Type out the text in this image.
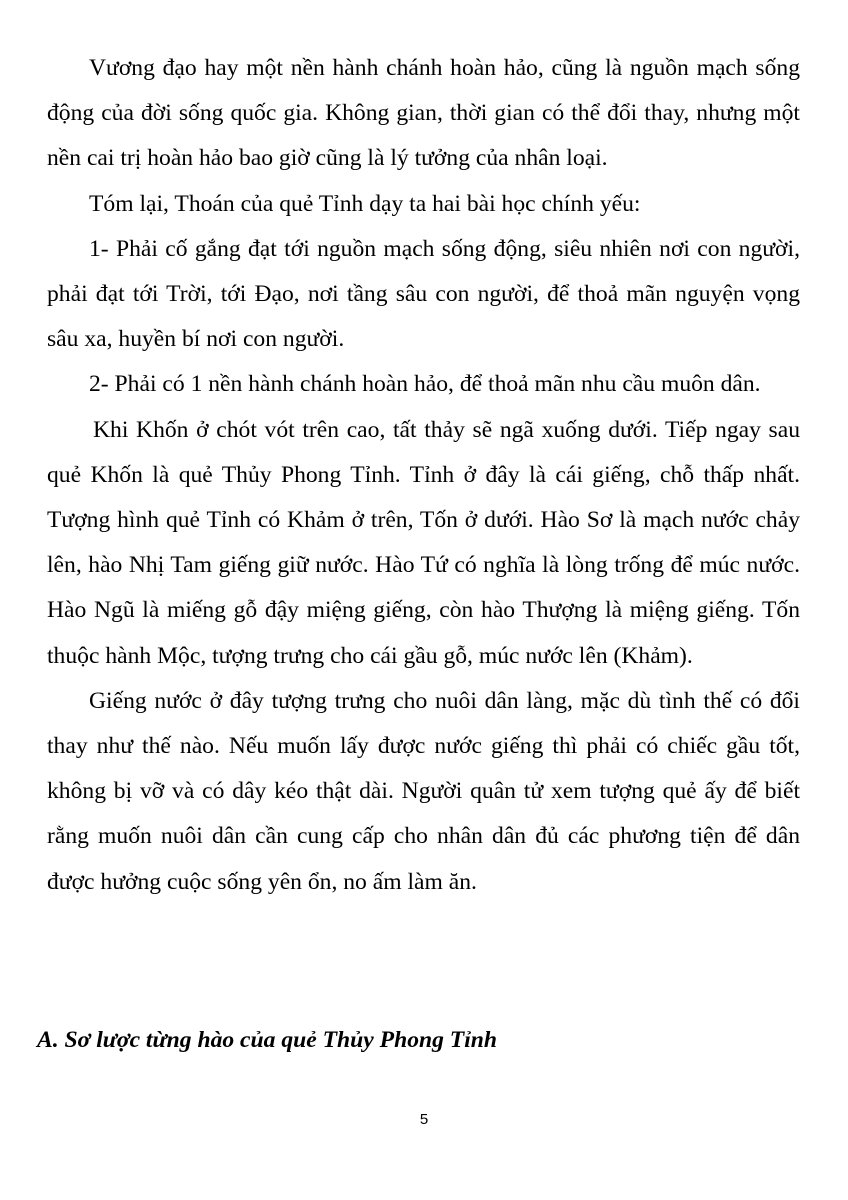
Vương đạo hay một nền hành chánh hoàn hảo, cũng là nguồn mạch sống động của đời sống quốc gia. Không gian, thời gian có thể đổi thay, nhưng một nền cai trị hoàn hảo bao giờ cũng là lý tưởng của nhân loại.

Tóm lại, Thoán của quẻ Tỉnh dạy ta hai bài học chính yếu:

1- Phải cố gắng đạt tới nguồn mạch sống động, siêu nhiên nơi con người, phải đạt tới Trời, tới Đạo, nơi tầng sâu con người, để thoả mãn nguyện vọng sâu xa, huyền bí nơi con người.

2- Phải có 1 nền hành chánh hoàn hảo, để thoả mãn nhu cầu muôn dân.

Khi Khốn ở chót vót trên cao, tất thảy sẽ ngã xuống dưới. Tiếp ngay sau quẻ Khốn là quẻ Thủy Phong Tỉnh. Tỉnh ở đây là cái giếng, chỗ thấp nhất. Tượng hình quẻ Tỉnh có Khảm ở trên, Tốn ở dưới. Hào Sơ là mạch nước chảy lên, hào Nhị Tam giếng giữ nước. Hào Tứ có nghĩa là lòng trống để múc nước. Hào Ngũ là miếng gỗ đậy miệng giếng, còn hào Thượng là miệng giếng. Tốn thuộc hành Mộc, tượng trưng cho cái gầu gỗ, múc nước lên (Khảm).

Giếng nước ở đây tượng trưng cho nuôi dân làng, mặc dù tình thế có đổi thay như thế nào. Nếu muốn lấy được nước giếng thì phải có chiếc gầu tốt, không bị vỡ và có dây kéo thật dài. Người quân tử xem tượng quẻ ấy để biết rằng muốn nuôi dân cần cung cấp cho nhân dân đủ các phương tiện để dân được hưởng cuộc sống yên ổn, no ấm làm ăn.

A. Sơ lược từng hào của quẻ Thủy Phong Tỉnh
5
